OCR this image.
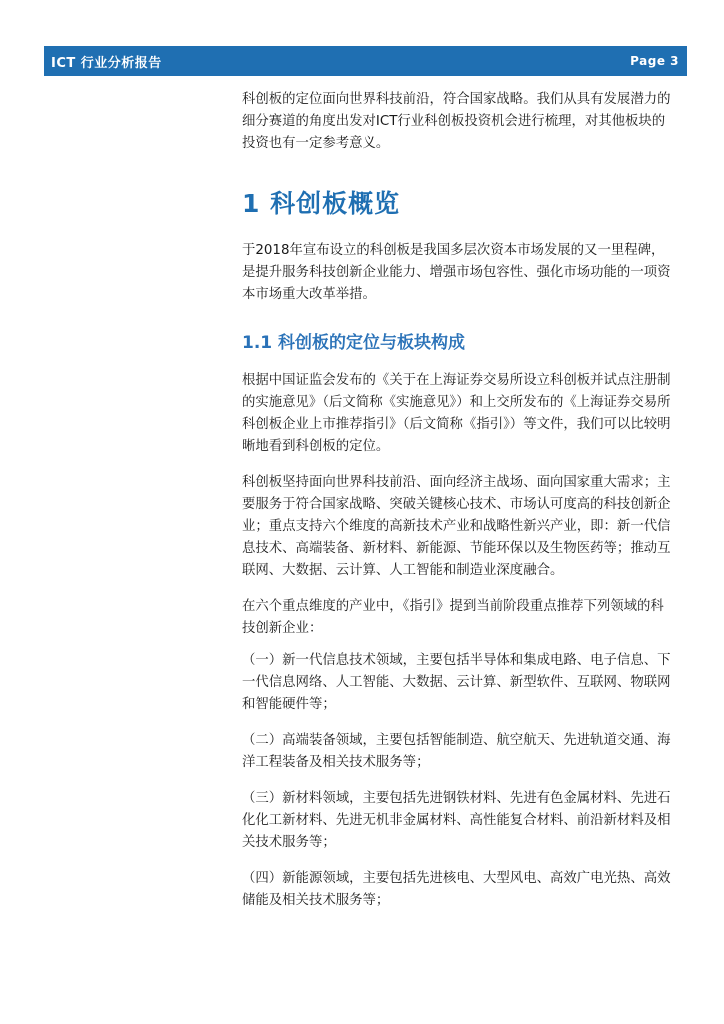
ICT 行业分析报告	Page 3

科创板的定位面向世界科技前沿，符合国家战略。我们从具有发展潜力的细分赛道的角度出发对ICT行业科创板投资机会进行梳理，对其他板块的投资也有一定参考意义。

1 科创板概览

于2018年宣布设立的科创板是我国多层次资本市场发展的又一里程碑，是提升服务科技创新企业能力、增强市场包容性、强化市场功能的一项资本市场重大改革举措。

1.1 科创板的定位与板块构成

根据中国证监会发布的《关于在上海证券交易所设立科创板并试点注册制的实施意见》（后文简称《实施意见》）和上交所发布的《上海证券交易所科创板企业上市推荐指引》（后文简称《指引》）等文件，我们可以比较明晰地看到科创板的定位。

科创板坚持面向世界科技前沿、面向经济主战场、面向国家重大需求；主要服务于符合国家战略、突破关键核心技术、市场认可度高的科技创新企业；重点支持六个维度的高新技术产业和战略性新兴产业，即：新一代信息技术、高端装备、新材料、新能源、节能环保以及生物医药等；推动互联网、大数据、云计算、人工智能和制造业深度融合。

在六个重点维度的产业中，《指引》提到当前阶段重点推荐下列领域的科技创新企业：

（一）新一代信息技术领域，主要包括半导体和集成电路、电子信息、下一代信息网络、人工智能、大数据、云计算、新型软件、互联网、物联网和智能硬件等；

（二）高端装备领域，主要包括智能制造、航空航天、先进轨道交通、海洋工程装备及相关技术服务等；

（三）新材料领域，主要包括先进钢铁材料、先进有色金属材料、先进石化化工新材料、先进无机非金属材料、高性能复合材料、前沿新材料及相关技术服务等；

（四）新能源领域，主要包括先进核电、大型风电、高效广电光热、高效储能及相关技术服务等；
